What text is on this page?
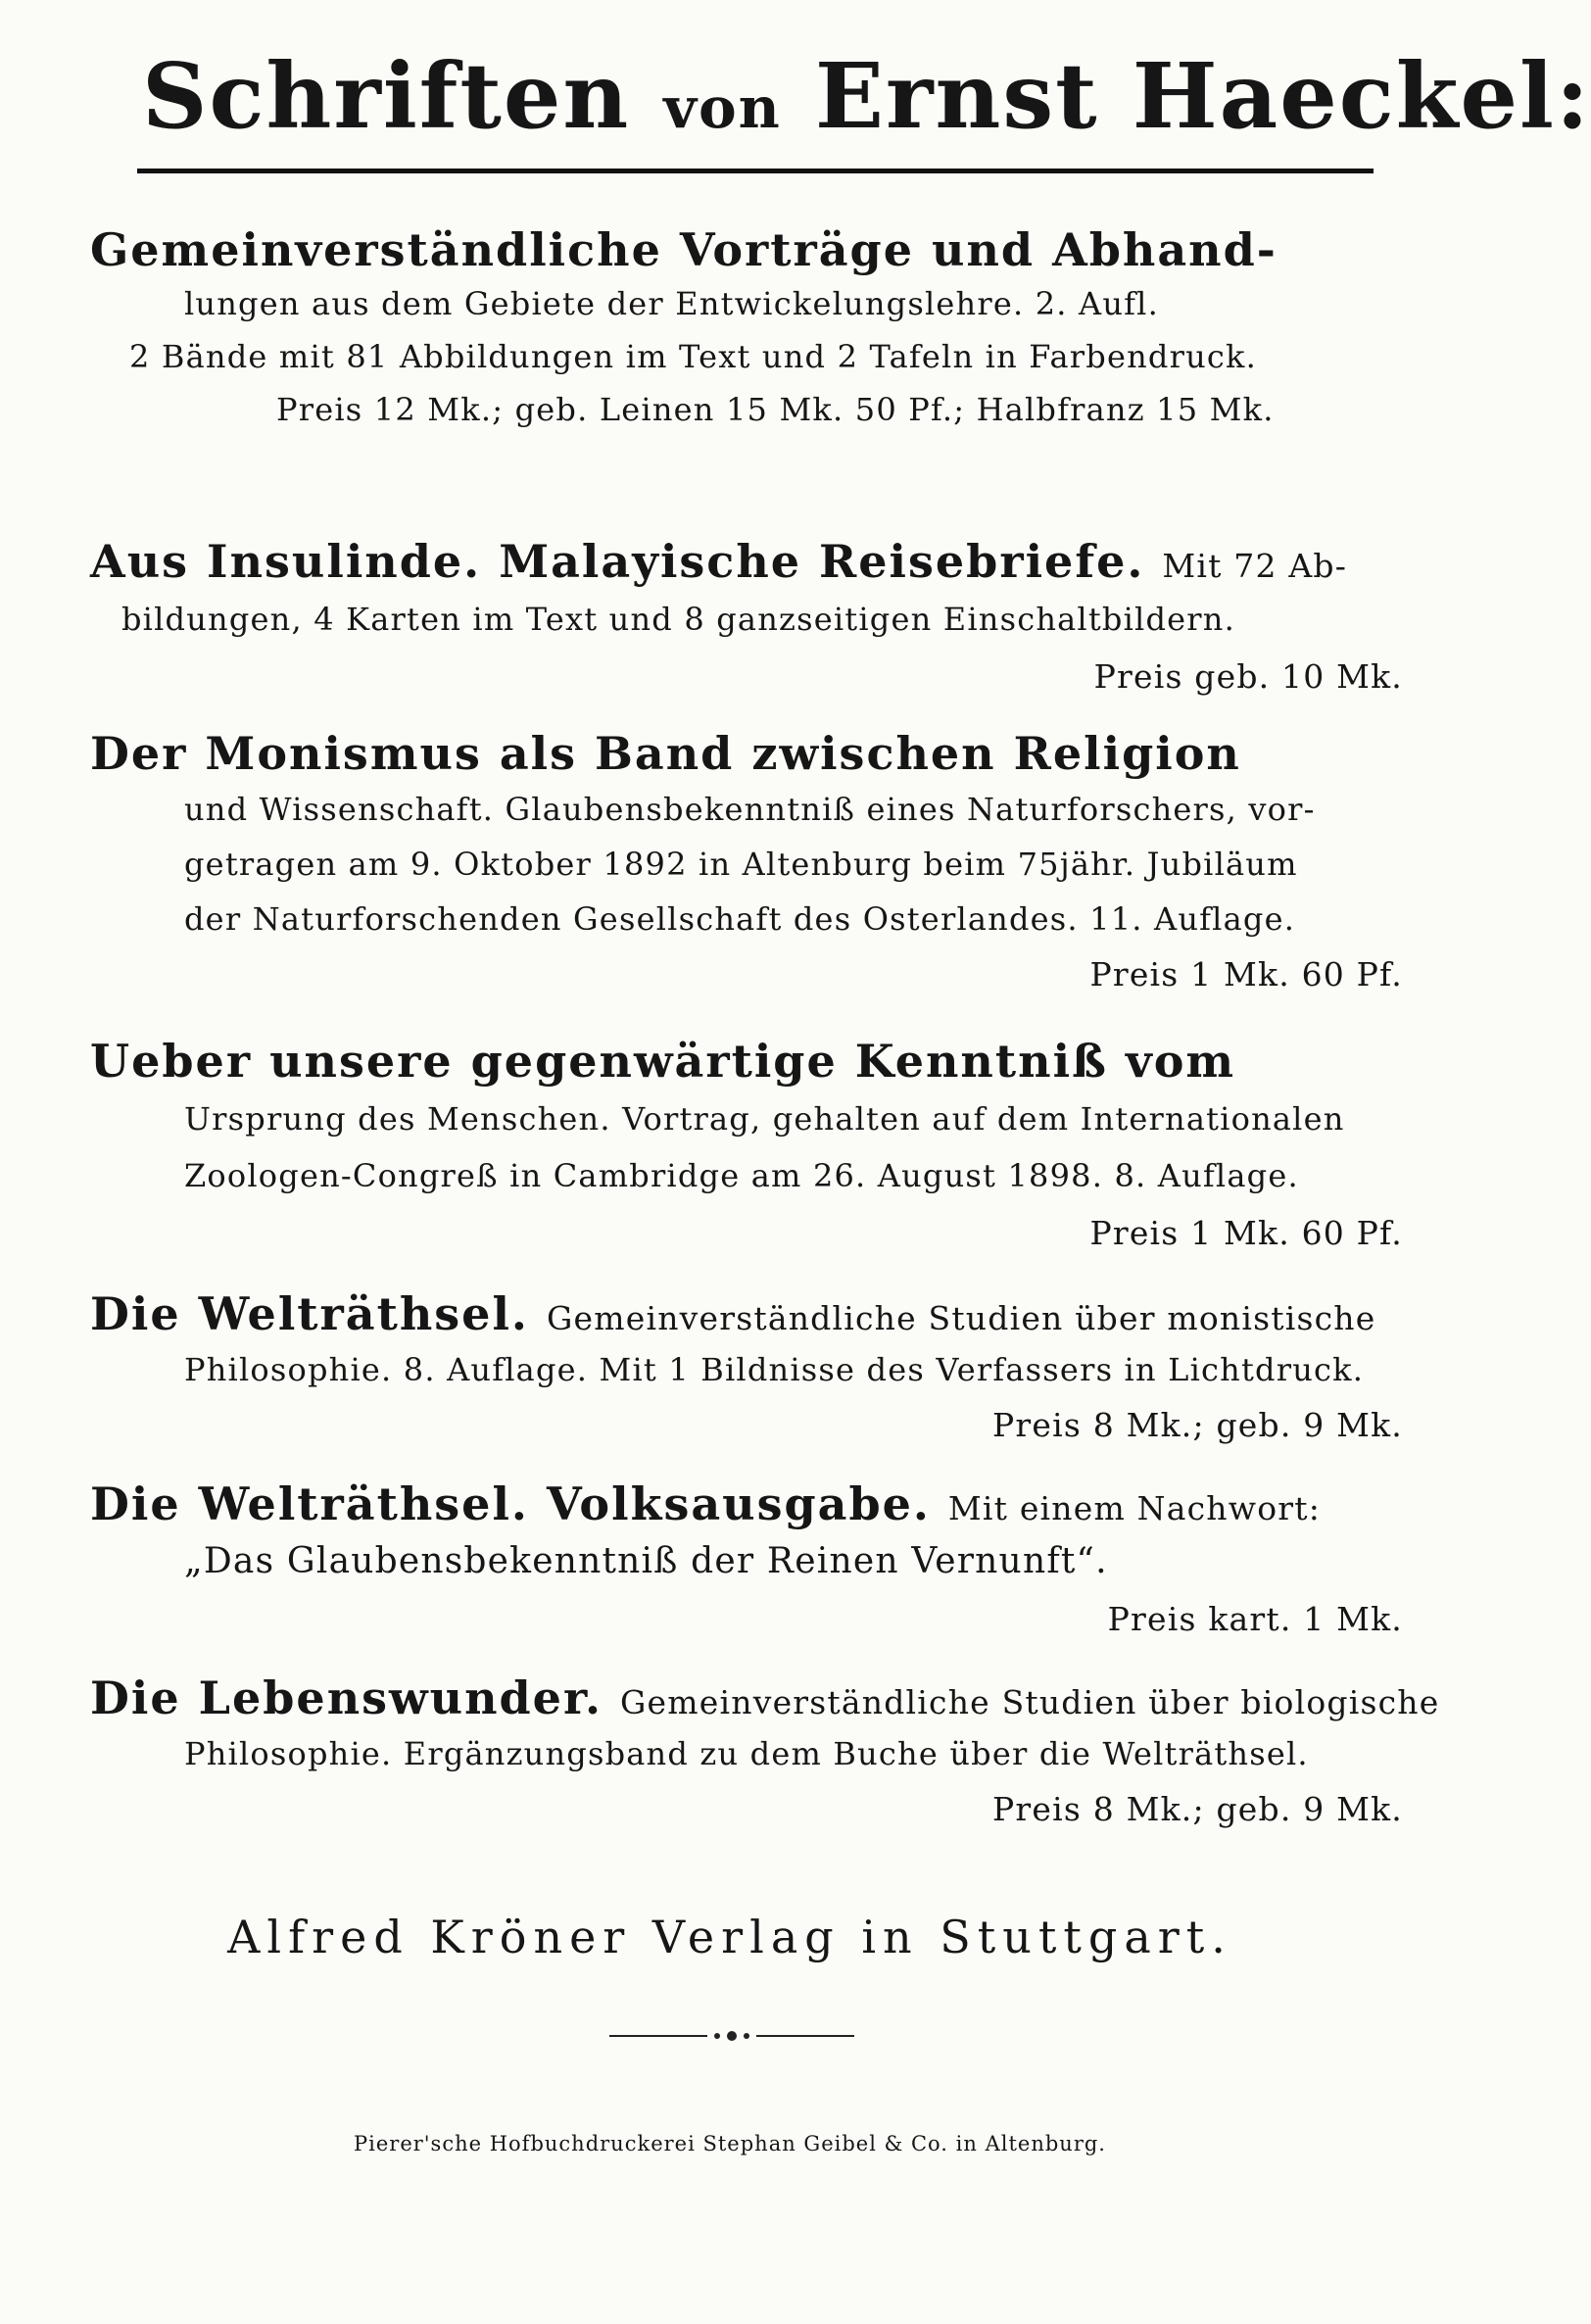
Schriften von Ernst Haeckel:
Gemeinverständliche Vorträge und Abhand-
lungen aus dem Gebiete der Entwickelungslehre. 2. Aufl.
2 Bände mit 81 Abbildungen im Text und 2 Tafeln in Farbendruck.
Preis 12 Mk.; geb. Leinen 15 Mk. 50 Pf.; Halbfranz 15 Mk.
Aus Insulinde. Malayische Reisebriefe. Mit 72 Ab-
bildungen, 4 Karten im Text und 8 ganzseitigen Einschaltbildern.
Preis geb. 10 Mk.
Der Monismus als Band zwischen Religion
und Wissenschaft. Glaubensbekenntniß eines Naturforschers, vor-
getragen am 9. Oktober 1892 in Altenburg beim 75jähr. Jubiläum
der Naturforschenden Gesellschaft des Osterlandes. 11. Auflage.
Preis 1 Mk. 60 Pf.
Ueber unsere gegenwärtige Kenntniß vom
Ursprung des Menschen. Vortrag, gehalten auf dem Internationalen
Zoologen-Congreß in Cambridge am 26. August 1898. 8. Auflage.
Preis 1 Mk. 60 Pf.
Die Welträthsel. Gemeinverständliche Studien über monistische
Philosophie. 8. Auflage. Mit 1 Bildnisse des Verfassers in Lichtdruck.
Preis 8 Mk.; geb. 9 Mk.
Die Welträthsel. Volksausgabe. Mit einem Nachwort:
„Das Glaubensbekenntniß der Reinen Vernunft“.
Preis kart. 1 Mk.
Die Lebenswunder. Gemeinverständliche Studien über biologische
Philosophie. Ergänzungsband zu dem Buche über die Welträthsel.
Preis 8 Mk.; geb. 9 Mk.
Alfred Kröner Verlag in Stuttgart.
Pierer'sche Hofbuchdruckerei Stephan Geibel & Co. in Altenburg.
